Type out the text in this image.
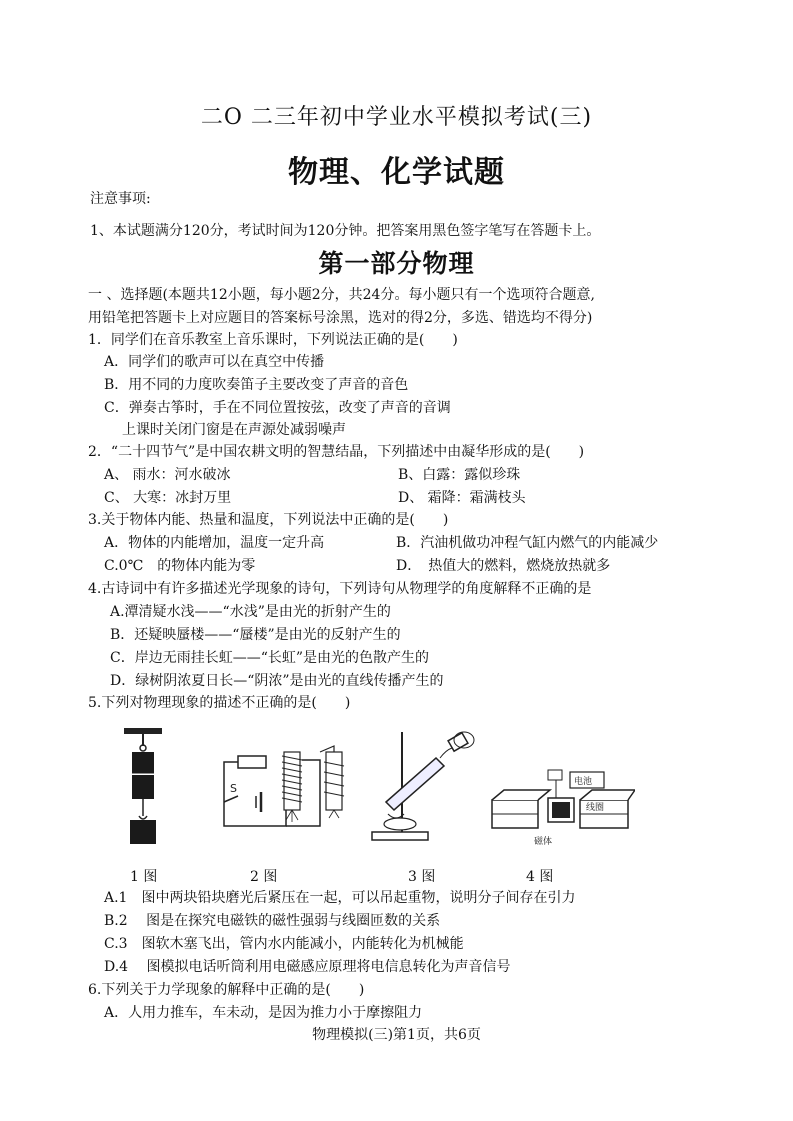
二O 二三年初中学业水平模拟考试(三)
物理、化学试题
注意事项:
1、本试题满分120分，考试时间为120分钟。把答案用黑色签字笔写在答题卡上。
第一部分物理
一 、选择题(本题共12小题，每小题2分，共24分。每小题只有一个选项符合题意,
用铅笔把答题卡上对应题目的答案标号涂黑，选对的得2分，多选、错选均不得分)
1．同学们在音乐教室上音乐课时，下列说法正确的是(　　)
A．同学们的歌声可以在真空中传播
B．用不同的力度吹奏笛子主要改变了声音的音色
C．弹奏古筝时，手在不同位置按弦，改变了声音的音调
上课时关闭门窗是在声源处减弱噪声
2．“二十四节气”是中国农耕文明的智慧结晶，下列描述中由凝华形成的是(　　)
A、 雨水：河水破冰	B、白露：露似珍珠
C、 大寒：冰封万里	D、 霜降：霜满枝头
3.关于物体内能、热量和温度，下列说法中正确的是(　　)
A．物体的内能增加，温度一定升高	B．汽油机做功冲程气缸内燃气的内能减少
C.0℃　的物体内能为零	D．　热值大的燃料，燃烧放热就多
4.古诗词中有许多描述光学现象的诗句，下列诗句从物理学的角度解释不正确的是
A.潭清疑水浅——“水浅”是由光的折射产生的
B．还疑映蜃楼——“蜃楼”是由光的反射产生的
C．岸边无雨挂长虹——“长虹”是由光的色散产生的
D．绿树阴浓夏日长—“阴浓”是由光的直线传播产生的
5.下列对物理现象的描述不正确的是(　　)
S	电池
线圈
磁体
1 图	2 图	3 图	4 图
A.1　图中两块铅块磨光后紧压在一起，可以吊起重物，说明分子间存在引力
B.2　 图是在探究电磁铁的磁性强弱与线圈匝数的关系
C.3　图软木塞飞出，管内水内能减小，内能转化为机械能
D.4　 图模拟电话听筒利用电磁感应原理将电信息转化为声音信号
6.下列关于力学现象的解释中正确的是(　　)
A．人用力推车，车未动，是因为推力小于摩擦阻力
物理模拟(三)第1页，共6页
